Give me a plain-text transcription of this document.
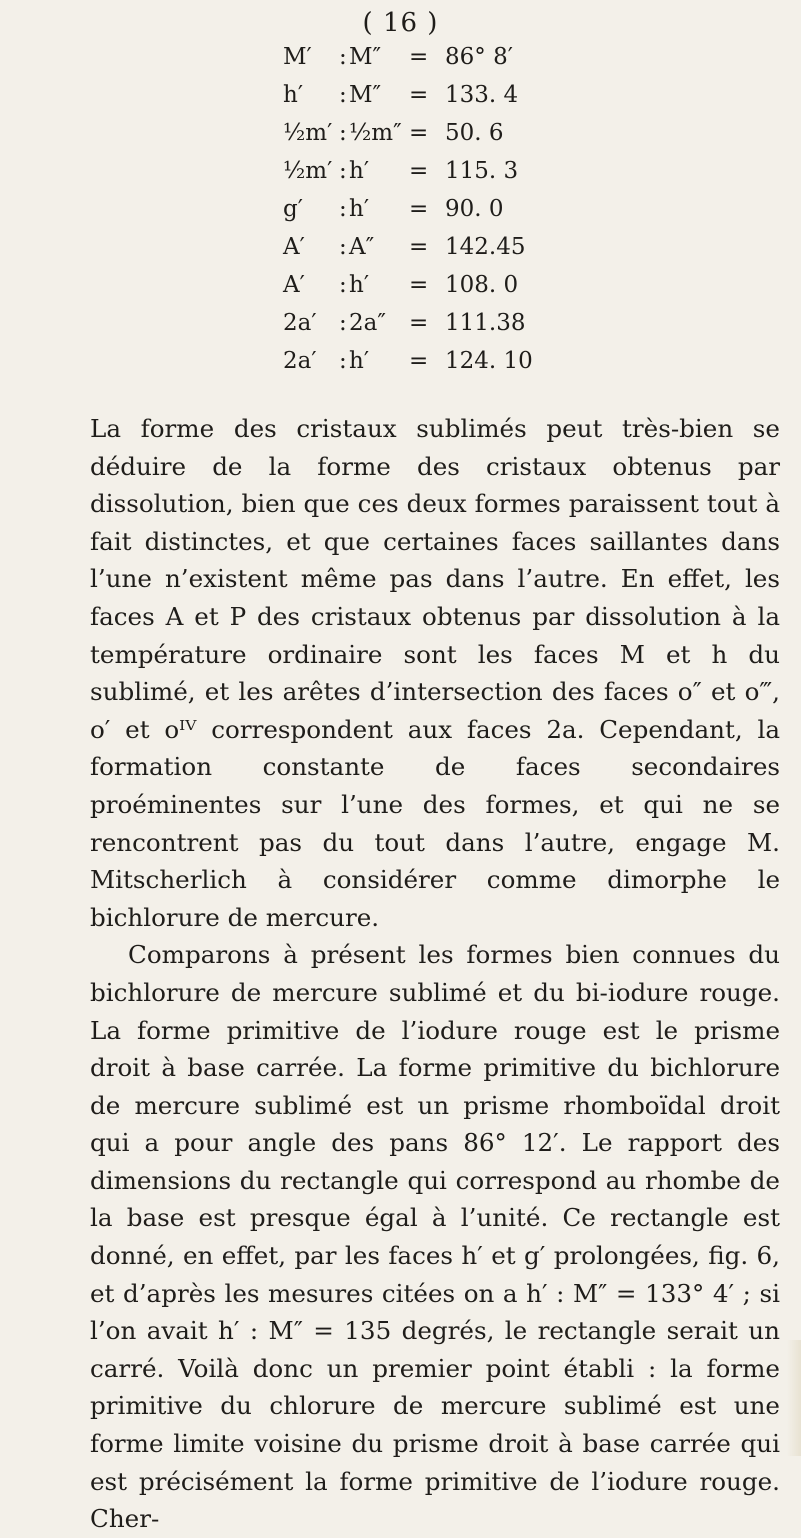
( 16 )
M′ : M″ = 86° 8′
h′ : M″ = 133. 4
½m′ : ½m″ = 50. 6
½m′ : h′ = 115. 3
g′ : h′ = 90. 0
A′ : A″ = 142.45
A′ : h′ = 108. 0
2a′ : 2a″ = 111.38
2a′ : h′ = 124. 10

La forme des cristaux sublimés peut très-bien se déduire de la forme des cristaux obtenus par dissolution, bien que ces deux formes paraissent tout à fait distinctes, et que certaines faces saillantes dans l’une n’existent même pas dans l’autre. En effet, les faces A et P des cristaux obtenus par dissolution à la température ordinaire sont les faces M et h du sublimé, et les arêtes d’intersection des faces o″ et o‴, o′ et oᴵⱽ correspondent aux faces 2a. Cependant, la formation constante de faces secondaires proéminentes sur l’une des formes, et qui ne se rencontrent pas du tout dans l’autre, engage M. Mitscherlich à considérer comme dimorphe le bichlorure de mercure.

Comparons à présent les formes bien connues du bichlorure de mercure sublimé et du bi-iodure rouge. La forme primitive de l’iodure rouge est le prisme droit à base carrée. La forme primitive du bichlorure de mercure sublimé est un prisme rhomboïdal droit qui a pour angle des pans 86° 12′. Le rapport des dimensions du rectangle qui correspond au rhombe de la base est presque égal à l’unité. Ce rectangle est donné, en effet, par les faces h′ et g′ prolongées, fig. 6, et d’après les mesures citées on a h′ : M″ = 133° 4′ ; si l’on avait h′ : M″ = 135 degrés, le rectangle serait un carré. Voilà donc un premier point établi : la forme primitive du chlorure de mercure sublimé est une forme limite voisine du prisme droit à base carrée qui est précisément la forme primitive de l’iodure rouge. Cher-
